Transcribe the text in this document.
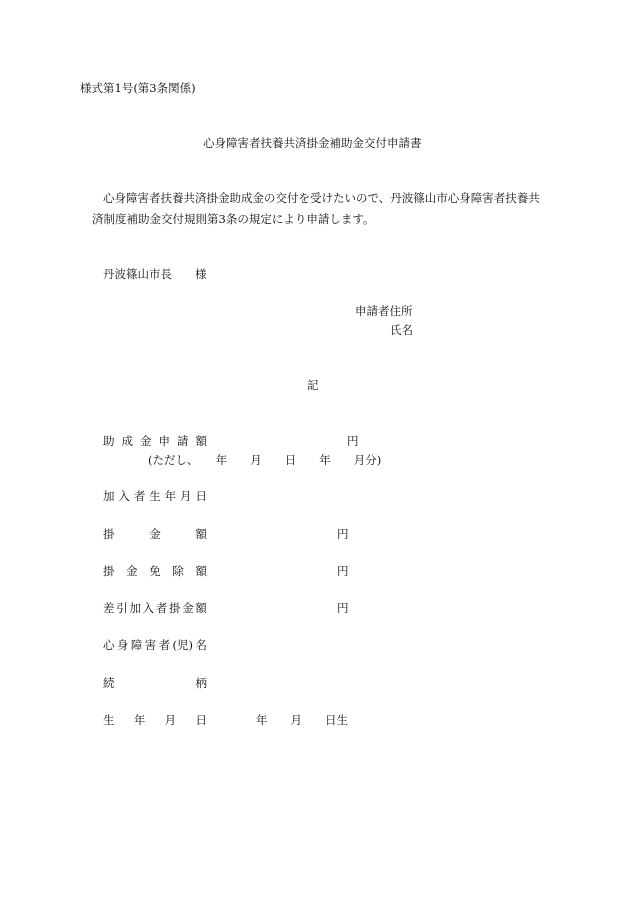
様式第1号(第3条関係)
心身障害者扶養共済掛金補助金交付申請書
心身障害者扶養共済掛金助成金の交付を受けたいので、丹波篠山市心身障害者扶養共
済制度補助金交付規則第3条の規定により申請します。
丹波篠山市長　　様
申請者住所
氏名
記
助 成 金 申 請 額	円
(ただし、　　年　　月　　日　　年　　月分)
加 入 者 生 年 月 日
掛	金	額	円
掛 金 免 除 額	円
差 引 加 入 者 掛 金 額	円
心 身 障 害 者 (児) 名
続	柄
生 年 月 日	年　　月　　日生
